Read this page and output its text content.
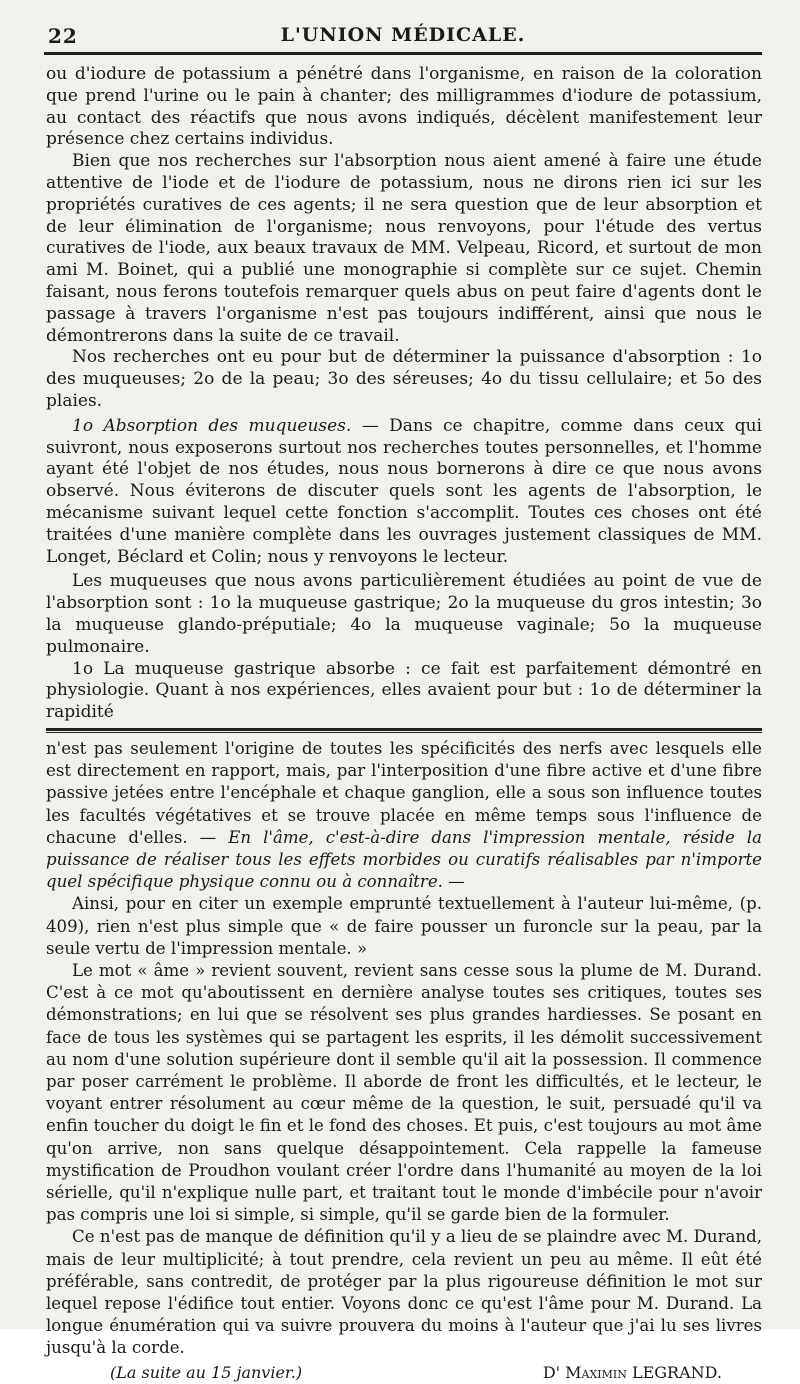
22	L'UNION MÉDICALE.

ou d'iodure de potassium a pénétré dans l'organisme, en raison de la coloration que prend l'urine ou le pain à chanter; des milligrammes d'iodure de potassium, au contact des réactifs que nous avons indiqués, décèlent manifestement leur présence chez certains individus.

Bien que nos recherches sur l'absorption nous aient amené à faire une étude attentive de l'iode et de l'iodure de potassium, nous ne dirons rien ici sur les propriétés curatives de ces agents; il ne sera question que de leur absorption et de leur élimination de l'organisme; nous renvoyons, pour l'étude des vertus curatives de l'iode, aux beaux travaux de MM. Velpeau, Ricord, et surtout de mon ami M. Boinet, qui a publié une monographie si complète sur ce sujet. Chemin faisant, nous ferons toutefois remarquer quels abus on peut faire d'agents dont le passage à travers l'organisme n'est pas toujours indifférent, ainsi que nous le démontrerons dans la suite de ce travail.

Nos recherches ont eu pour but de déterminer la puissance d'absorption : 1o des muqueuses; 2o de la peau; 3o des séreuses; 4o du tissu cellulaire; et 5o des plaies.

1o Absorption des muqueuses. — Dans ce chapitre, comme dans ceux qui suivront, nous exposerons surtout nos recherches toutes personnelles, et l'homme ayant été l'objet de nos études, nous nous bornerons à dire ce que nous avons observé. Nous éviterons de discuter quels sont les agents de l'absorption, le mécanisme suivant lequel cette fonction s'accomplit. Toutes ces choses ont été traitées d'une manière complète dans les ouvrages justement classiques de MM. Longet, Béclard et Colin; nous y renvoyons le lecteur.

Les muqueuses que nous avons particulièrement étudiées au point de vue de l'absorption sont : 1o la muqueuse gastrique; 2o la muqueuse du gros intestin; 3o la muqueuse glando-préputiale; 4o la muqueuse vaginale; 5o la muqueuse pulmonaire.

1o La muqueuse gastrique absorbe : ce fait est parfaitement démontré en physiologie. Quant à nos expériences, elles avaient pour but : 1o de déterminer la rapidité

n'est pas seulement l'origine de toutes les spécificités des nerfs avec lesquels elle est directement en rapport, mais, par l'interposition d'une fibre active et d'une fibre passive jetées entre l'encéphale et chaque ganglion, elle a sous son influence toutes les facultés végétatives et se trouve placée en même temps sous l'influence de chacune d'elles. — En l'âme, c'est-à-dire dans l'impression mentale, réside la puissance de réaliser tous les effets morbides ou curatifs réalisables par n'importe quel spécifique physique connu ou à connaître. —

Ainsi, pour en citer un exemple emprunté textuellement à l'auteur lui-même, (p. 409), rien n'est plus simple que « de faire pousser un furoncle sur la peau, par la seule vertu de l'impression mentale. »

Le mot « âme » revient souvent, revient sans cesse sous la plume de M. Durand. C'est à ce mot qu'aboutissent en dernière analyse toutes ses critiques, toutes ses démonstrations; en lui que se résolvent ses plus grandes hardiesses. Se posant en face de tous les systèmes qui se partagent les esprits, il les démolit successivement au nom d'une solution supérieure dont il semble qu'il ait la possession. Il commence par poser carrément le problème. Il aborde de front les difficultés, et le lecteur, le voyant entrer résolument au cœur même de la question, le suit, persuadé qu'il va enfin toucher du doigt le fin et le fond des choses. Et puis, c'est toujours au mot âme qu'on arrive, non sans quelque désappointement. Cela rappelle la fameuse mystification de Proudhon voulant créer l'ordre dans l'humanité au moyen de la loi sérielle, qu'il n'explique nulle part, et traitant tout le monde d'imbécile pour n'avoir pas compris une loi si simple, si simple, qu'il se garde bien de la formuler.

Ce n'est pas de manque de définition qu'il y a lieu de se plaindre avec M. Durand, mais de leur multiplicité; à tout prendre, cela revient un peu au même. Il eût été préférable, sans contredit, de protéger par la plus rigoureuse définition le mot sur lequel repose l'édifice tout entier. Voyons donc ce qu'est l'âme pour M. Durand. La longue énumération qui va suivre prouvera du moins à l'auteur que j'ai lu ses livres jusqu'à la corde.

(La suite au 15 janvier.)	D' Maximin LEGRAND.
